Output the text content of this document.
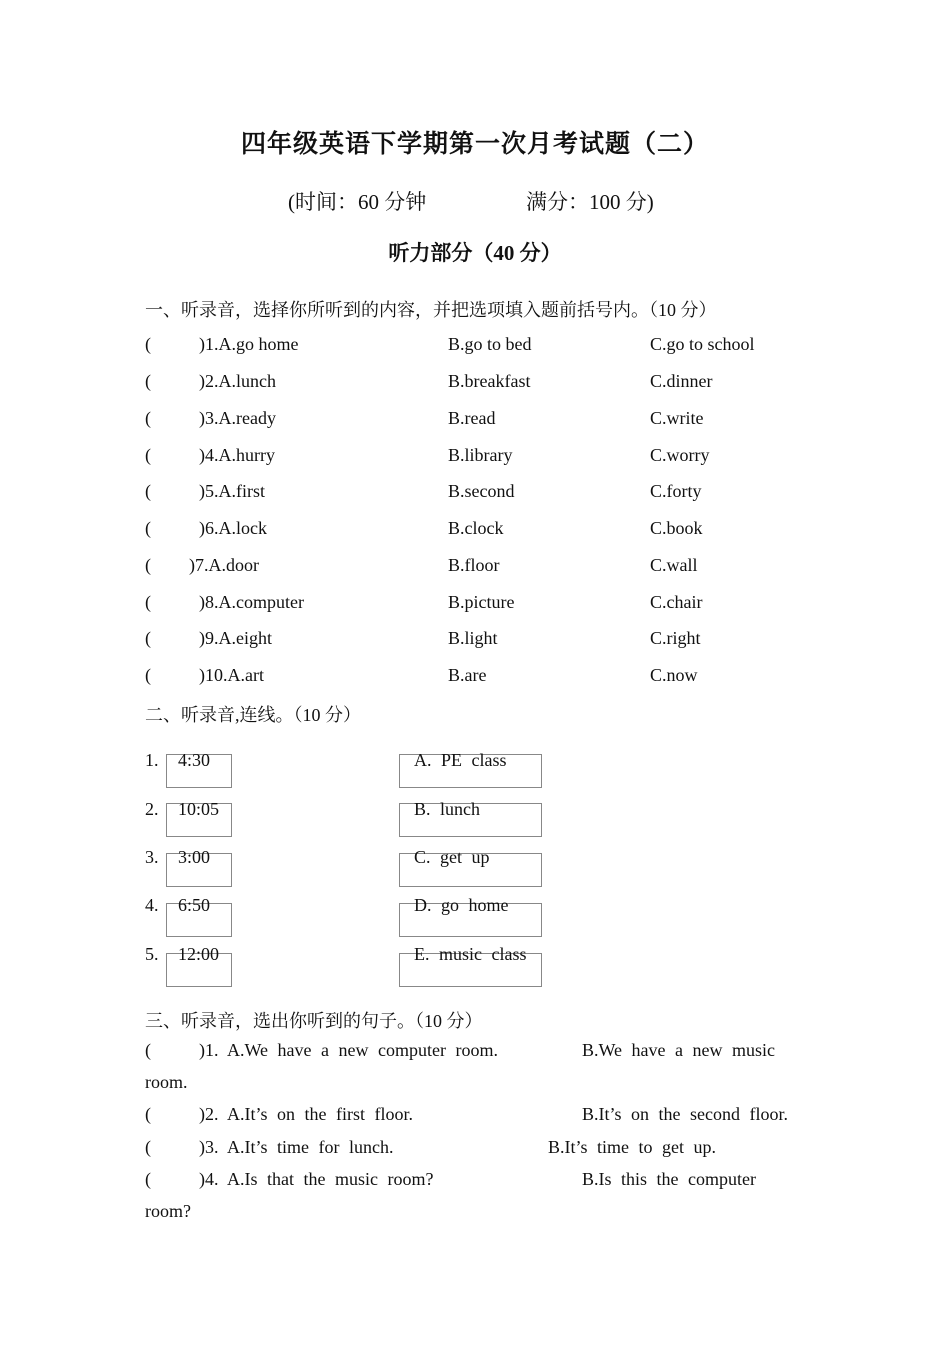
四年级英语下学期第一次月考试题（二）
(时间：60 分钟	满分：100 分)
听力部分（40 分）
一、听录音，选择你所听到的内容，并把选项填入题前括号内。（10 分）
(	)1.A.go home	B.go to bed	C.go to school
(	)2.A.lunch	B.breakfast	C.dinner
(	)3.A.ready	B.read	C.write
(	)4.A.hurry	B.library	C.worry
(	)5.A.first	B.second	C.forty
(	)6.A.lock	B.clock	C.book
( )7.A.door	B.floor	C.wall
(	)8.A.computer	B.picture	C.chair
(	)9.A.eight	B.light	C.right
(	)10.A.art	B.are	C.now
二、听录音,连线。（10 分）
1. 4:30	A. PE class
2. 10:05	B. lunch
3. 3:00	C. get up
4. 6:50	D. go home
5. 12:00	E. music class
三、听录音，选出你听到的句子。（10 分）
(	)1. A.We have a new computer room.	B.We have a new music
room.
(	)2. A.It’s on the first floor.	B.It’s on the second floor.
(	)3. A.It’s time for lunch.	B.It’s time to get up.
(	)4. A.Is that the music room?	B.Is this the computer
room?
